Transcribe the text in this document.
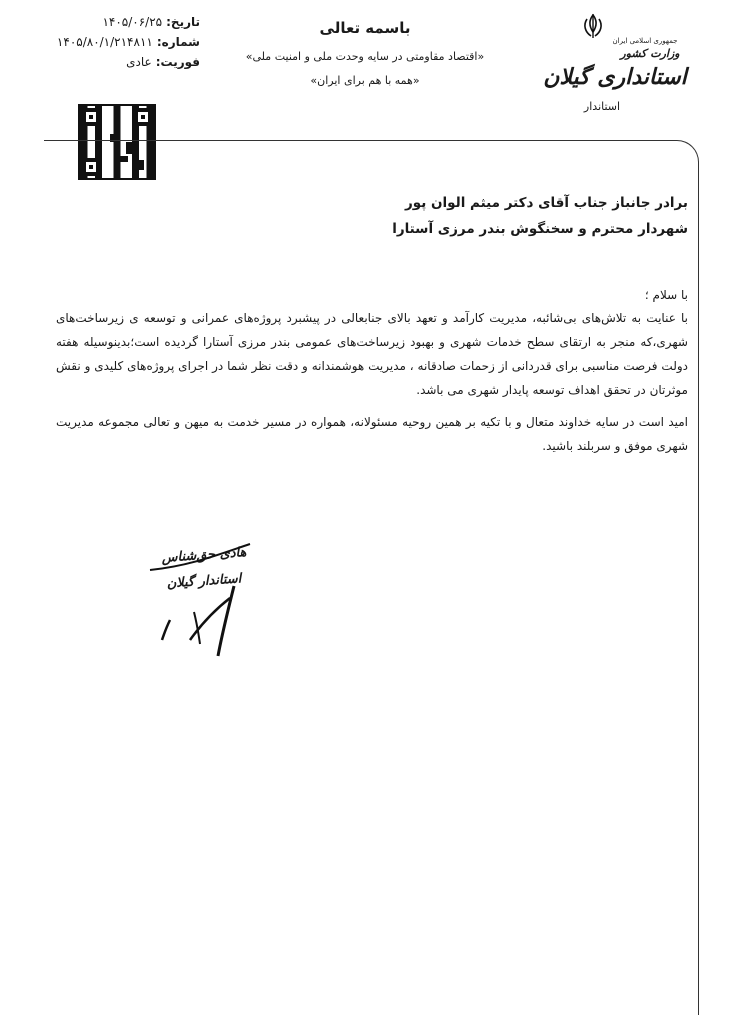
تاریخ:۱۴۰۵/۰۶/۲۵
شماره:۱۴۰۵/۸۰/۱/۲۱۴۸۱۱
فوریت:عادی
باسمه تعالی
«اقتصاد مقاومتی در سایه وحدت ملی و امنیت ملی»
«همه با هم برای ایران»
جمهوری اسلامی ایران
وزارت کشور
استانداری گیلان
استاندار

برادر جانباز جناب آقای دکتر میثم الوان پور

شهردار محترم و سخنگوش بندر مرزی آستارا

با سلام ؛

با عنایت به تلاش‌های بی‌شائبه، مدیریت کارآمد و تعهد بالای جنابعالی در پیشبرد پروژه‌های عمرانی و توسعه ی زیرساخت‌های شهری،که منجر به ارتقای سطح خدمات شهری و بهبود زیرساخت‌های عمومی بندر مرزی آستارا گردیده است؛بدینوسیله هفته دولت فرصت مناسبی برای قدردانی از زحمات صادقانه ، مدیریت هوشمندانه و دقت نظر شما در اجرای پروژه‌های کلیدی و نقش موثرتان در تحقق اهداف توسعه پایدار شهری می باشد.

امید است در سایه خداوند متعال و با تکیه بر همین روحیه مسئولانه، همواره در مسیر خدمت به میهن و تعالی مجموعه مدیریت شهری موفق و سربلند باشید.

هادی حق‌شناس
استاندار گیلان
